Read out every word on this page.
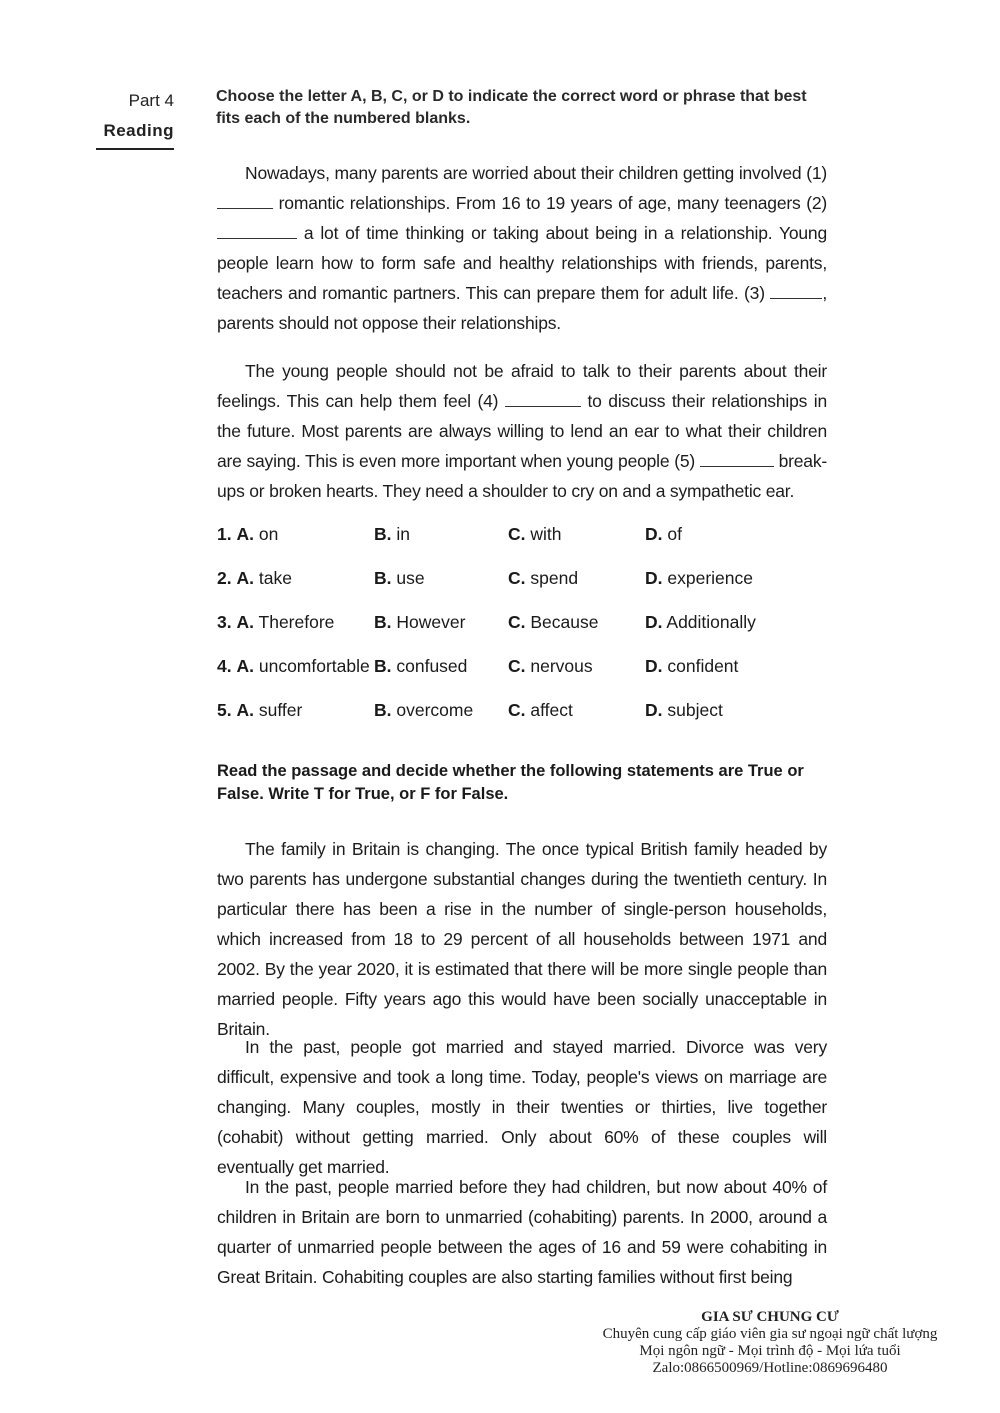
Part 4
Reading
Choose the letter A, B, C, or D to indicate the correct word or phrase that best fits each of the numbered blanks.

Nowadays, many parents are worried about their children getting involved (1)  romantic relationships. From 16 to 19 years of age, many teenagers (2)  a lot of time thinking or taking about being in a relationship. Young people learn how to form safe and healthy relationships with friends, parents, teachers and romantic partners. This can prepare them for adult life. (3)	, parents should not oppose their relationships.

The young people should not be afraid to talk to their parents about their feelings. This can help them feel (4)	to discuss their relationships in the future. Most parents are always willing to lend an ear to what their children are saying. This is even more important when young people (5)	break-ups or broken hearts. They need a shoulder to cry on and a sympathetic ear.

1. A. on	B. in	C. with	D. of
2. A. take	B. use	C. spend	D. experience
3. A. Therefore	B. However	C. Because	D. Additionally
4. A. uncomfortable	B. confused	C. nervous	D. confident
5. A. suffer	B. overcome	C. affect	D. subject
Read the passage and decide whether the following statements are True or False. Write T for True, or F for False.

The family in Britain is changing. The once typical British family headed by two parents has undergone substantial changes during the twentieth century. In particular there has been a rise in the number of single-person households, which increased from 18 to 29 percent of all households between 1971 and 2002. By the year 2020, it is estimated that there will be more single people than married people. Fifty years ago this would have been socially unacceptable in Britain.

In the past, people got married and stayed married. Divorce was very difficult, expensive and took a long time. Today, people's views on marriage are changing. Many couples, mostly in their twenties or thirties, live together (cohabit) without getting married. Only about 60% of these couples will eventually get married.

In the past, people married before they had children, but now about 40% of children in Britain are born to unmarried (cohabiting) parents. In 2000, around a quarter of unmarried people between the ages of 16 and 59 were cohabiting in Great Britain. Cohabiting couples are also starting families without first being

GIA SƯ CHUNG CƯ
Chuyên cung cấp giáo viên gia sư ngoại ngữ chất lượng
Mọi ngôn ngữ - Mọi trình độ - Mọi lứa tuổi
Zalo:0866500969/Hotline:0869696480
